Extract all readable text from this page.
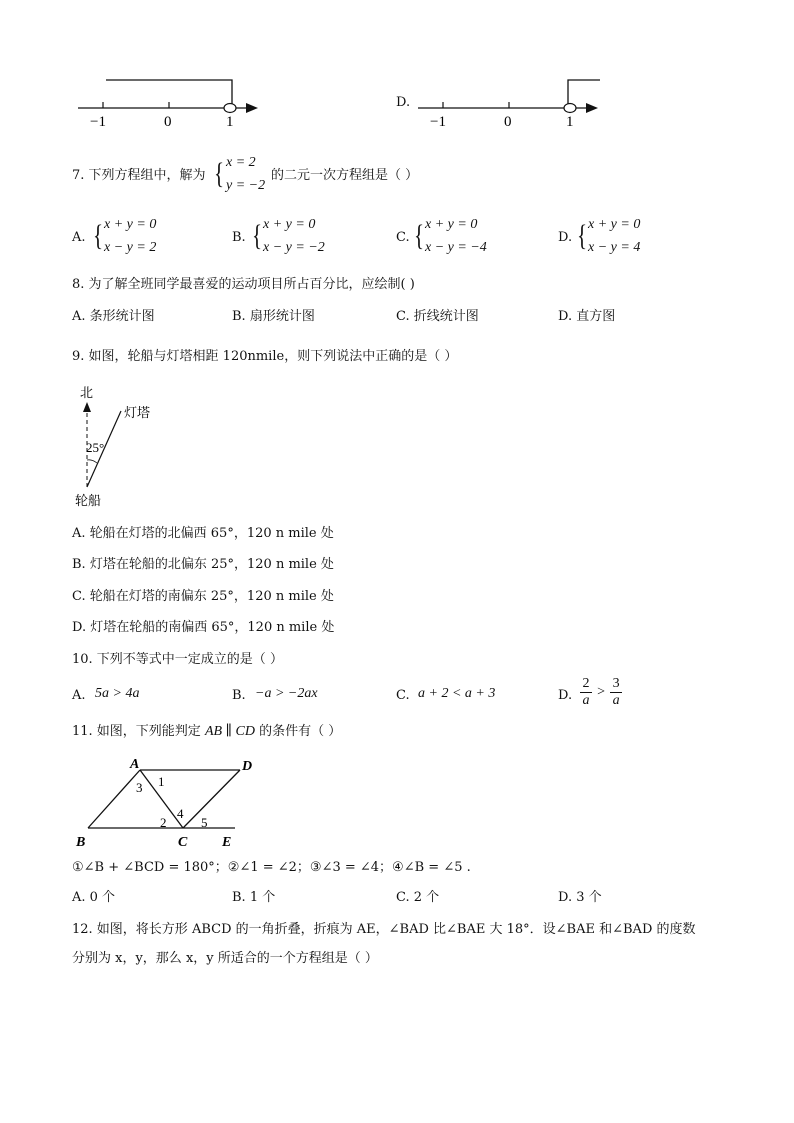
−1	0	1
D.
−1	0	1
7. 下列方程组中，解为 { x = 2
y = −2
的二元一次方程组是（ ）
A. { x + y = 0
x − y = 2
B. { x + y = 0
x − y = −2
C. { x + y = 0
x − y = −4
D. { x + y = 0
x − y = 4
8. 为了解全班同学最喜爱的运动项目所占百分比，应绘制( )
A. 条形统计图	B. 扇形统计图	C. 折线统计图	D. 直方图
9. 如图，轮船与灯塔相距 120nmile，则下列说法中正确的是（ ）
北
灯塔
25°
轮船
A. 轮船在灯塔的北偏西 65°，120 n mile 处
B. 灯塔在轮船的北偏东 25°，120 n mile 处
C. 轮船在灯塔的南偏东 25°，120 n mile 处
D. 灯塔在轮船的南偏西 65°，120 n mile 处
10. 下列不等式中一定成立的是（ ）
A. 5a > 4a	B. −a > −2ax	C. a + 2 < a + 3	D. $\frac{2}{a} > \frac{3}{a}$
11. 如图，下列能判定 AB ∥ CD 的条件有（ ）
A	D
B	C E
1
2
3
4
5
①∠B + ∠BCD = 180°；②∠1 = ∠2；③∠3 = ∠4；④∠B = ∠5 .
A. 0 个	B. 1 个	C. 2 个	D. 3 个
12. 如图，将长方形 ABCD 的一角折叠，折痕为 AE，∠BAD 比∠BAE 大 18°．设∠BAE 和∠BAD 的度数
分别为 x，y，那么 x，y 所适合的一个方程组是（ ）
